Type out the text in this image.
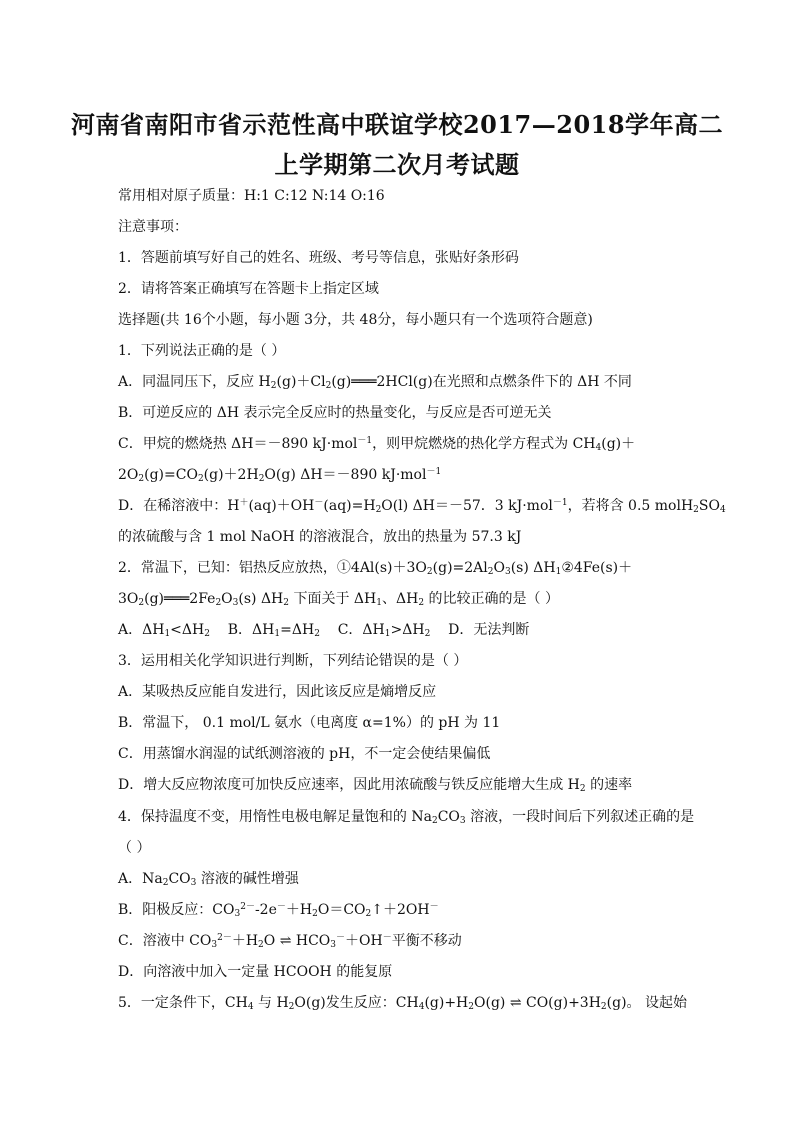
河南省南阳市省示范性高中联谊学校2017—2018学年高二
上学期第二次月考试题
常用相对原子质量：H:1 C:12 N:14 O:16
注意事项：
1．答题前填写好自己的姓名、班级、考号等信息，张贴好条形码
2．请将答案正确填写在答题卡上指定区域
选择题(共 16个小题，每小题 3分，共 48分，每小题只有一个选项符合题意)
1．下列说法正确的是（ ）
A．同温同压下，反应 $H_2(g)+Cl_2(g)═══2HCl(g)$在光照和点燃条件下的 ΔH 不同
B．可逆反应的 ΔH 表示完全反应时的热量变化，与反应是否可逆无关
C．甲烷的燃烧热 ΔH＝－890 kJ·mol$^{-1}$，则甲烷燃烧的热化学方程式为 $CH_4(g)+$
$2O_2(g)=CO_2(g)+2H_2O(g)$ ΔH＝－890 kJ·mol$^{-1}$
D．在稀溶液中：$H^+(aq)+OH^-(aq)=H_2O(l)$ ΔH＝－57．3 kJ·mol$^{-1}$，若将含 0.5 $molH_2SO_4$
的浓硫酸与含 1 mol NaOH 的溶液混合，放出的热量为 57.3 kJ
2．常温下，已知：铝热反应放热，$①4Al(s)+3O_2(g)=2Al_2O_3(s)$ $\Delta H_1②4Fe(s)+$
$3O_2(g)═══2Fe_2O_3(s)$ $\Delta H_2$ 下面关于 $\Delta H_1$、$\Delta H_2$ 的比较正确的是（ ）
A．$\Delta H_1<\Delta H_2$    B．$\Delta H_1=\Delta H_2$    C．$\Delta H_1>\Delta H_2$    D．无法判断
3．运用相关化学知识进行判断，下列结论错误的是（ ）
A．某吸热反应能自发进行，因此该反应是熵增反应
B．常温下， 0.1 mol/L 氨水（电离度 α=1%）的 pH 为 11
C．用蒸馏水润湿的试纸测溶液的 pH，不一定会使结果偏低
D．增大反应物浓度可加快反应速率，因此用浓硫酸与铁反应能增大生成 $H_2$ 的速率
4．保持温度不变，用惰性电极电解足量饱和的 $Na_2CO_3$ 溶液，一段时间后下列叙述正确的是
（ ）
A．$Na_2CO_3$ 溶液的碱性增强
B．阳极反应：$CO_3^{2-}-2e^-+H_2O=CO_2↑+2OH^-$
C．溶液中 $CO_3^{2-}+H_2O$ ⇌ $HCO_3^-+OH^-$平衡不移动
D．向溶液中加入一定量 HCOOH 的能复原
5．一定条件下，$CH_4$ 与 $H_2O(g)$发生反应：$CH_4(g)+H_2O(g)$ ⇌ $CO(g)+3H_2(g)$。 设起始
